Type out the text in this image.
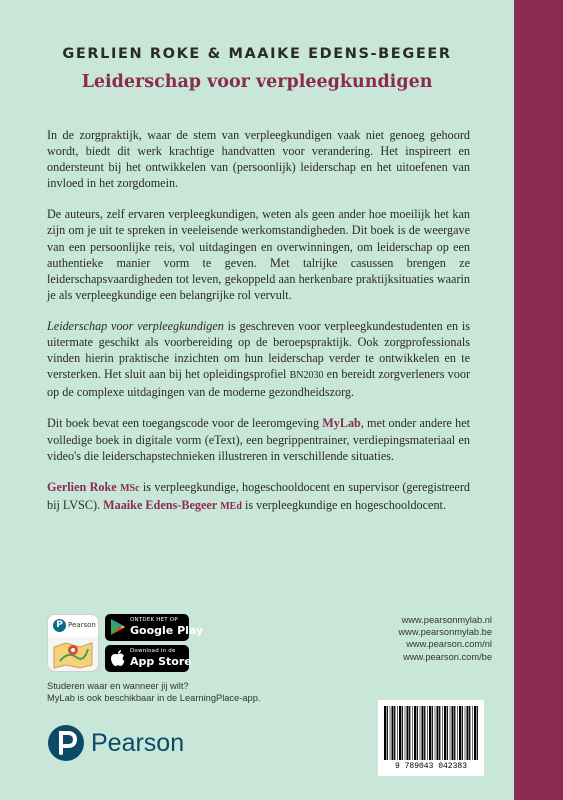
GERLIEN ROKE & MAAIKE EDENS-BEGEER
Leiderschap voor verpleegkundigen

In de zorgpraktijk, waar de stem van verpleegkundigen vaak niet genoeg gehoord wordt, biedt dit werk krachtige handvatten voor verandering. Het inspireert en ondersteunt bij het ontwikkelen van (persoonlijk) leiderschap en het uitoefenen van invloed in het zorgdomein.

De auteurs, zelf ervaren verpleegkundigen, weten als geen ander hoe moeilijk het kan zijn om je uit te spreken in veeleisende werkomstandigheden. Dit boek is de weergave van een persoonlijke reis, vol uitdagingen en overwinningen, om leiderschap op een authentieke manier vorm te geven. Met talrijke casussen brengen ze leiderschapsvaardigheden tot leven, gekoppeld aan herkenbare praktijksituaties waarin je als verpleegkundige een belangrijke rol vervult.

Leiderschap voor verpleegkundigen is geschreven voor verpleegkundestudenten en is uitermate geschikt als voorbereiding op de beroepspraktijk. Ook zorgprofessionals vinden hierin praktische inzichten om hun leiderschap verder te ontwikkelen en te versterken. Het sluit aan bij het opleidingsprofiel BN2030 en bereidt zorgverleners voor op de complexe uitdagingen van de moderne gezondheidszorg.

Dit boek bevat een toegangscode voor de leeromgeving MyLab, met onder andere het volledige boek in digitale vorm (eText), een begrippentrainer, verdiepingsmateriaal en video's die leiderschapstechnieken illustreren in verschillende situaties.

Gerlien Roke MSc is verpleegkundige, hogeschooldocent en supervisor (geregistreerd bij LVSC). Maaike Edens-Begeer MEd is verpleegkundige en hogeschooldocent.

P Pearson
ONTDEK HET OP
Google Play
Download in de
App Store
Studeren waar en wanneer jij wilt?
MyLab is ook beschikbaar in de LearningPlace-app.
Pearson
www.pearsonmylab.nl
www.pearsonmylab.be
www.pearson.com/nl
www.pearson.com/be
9 789043 042383
